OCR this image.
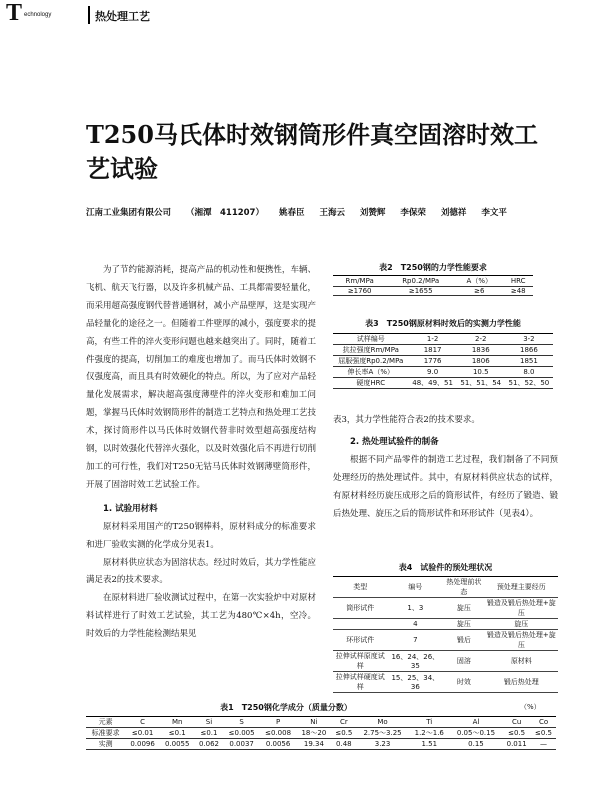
T echnology	热处理工艺
T250马氏体时效钢筒形件真空固溶时效工艺试验
江南工业集团有限公司 （湘潭　411207） 姚春臣 王海云 刘赞辉 李保荣 刘德祥 李文平

为了节约能源消耗，提高产品的机动性和便携性，车辆、飞机、航天飞行器，以及许多机械产品、工具都需要轻量化，而采用超高强度钢代替普通钢材，减小产品壁厚，这是实现产品轻量化的途径之一。但随着工件壁厚的减小，强度要求的提高，有些工件的淬火变形问题也越来越突出了。同时，随着工件强度的提高，切削加工的难度也增加了。而马氏体时效钢不仅强度高，而且具有时效硬化的特点。所以，为了应对产品轻量化发展需求，解决超高强度薄壁件的淬火变形和难加工问题，掌握马氏体时效钢筒形件的制造工艺特点和热处理工艺技术，探讨筒形件以马氏体时效钢代替非时效型超高强度结构钢，以时效强化代替淬火强化，以及时效强化后不再进行切削加工的可行性，我们对T250无钴马氏体时效钢薄壁筒形件，开展了固溶时效工艺试验工作。

1. 试验用材料

原材料采用国产的T250钢棒料，原材料成分的标准要求和进厂验收实测的化学成分见表1。

原材料供应状态为固溶状态。经过时效后，其力学性能应满足表2的技术要求。

在原材料进厂验收测试过程中，在第一次实验炉中对原材料试样进行了时效工艺试验，其工艺为480℃×4h，空冷。时效后的力学性能检测结果见

表2　T250钢的力学性能要求
Rm/MPa	Rp0.2/MPa	A（%）	HRC
≥1760	≥1655	≥6	≥48
表3　T250钢原材料时效后的实测力学性能
试样编号	1-2	2-2	3-2
抗拉强度Rm/MPa	1817	1836	1866
屈服强度Rp0.2/MPa	1776	1806	1851
伸长率A（%）	9.0	10.5	8.0
硬度HRC	48、49、51	51、51、54	51、52、50

表3，其力学性能符合表2的技术要求。

2. 热处理试验件的制备

根据不同产品零件的制造工艺过程，我们制备了不同预处理经历的热处理试件。其中，有原材料供应状态的试样，有原材料经历旋压成形之后的筒形试件，有经历了锻造、锻后热处理、旋压之后的筒形试件和环形试件（见表4）。

表4　试验件的预处理状况
类型	编号	热处理前状态	预处理主要经历
筒形试件	1、3	旋压	锻造及锻后热处理+旋压
	4	旋压	旋压
环形试件	7	锻后	锻造及锻后热处理+旋压
拉伸试样原度试样	16、24、26、35	固溶	原材料
拉伸试样硬度试样	15、25、34、36	时效	锻后热处理
表1　T250钢化学成分（质量分数）	（%）
元素	C	Mn	Si	S	P	Ni	Cr	Mo	Ti	Al	Cu	Co
标准要求	≤0.01	≤0.1	≤0.1	≤0.005	≤0.008	18～20	≤0.5	2.75～3.25	1.2～1.6	0.05～0.15	≤0.5	≤0.5
实测	0.0096	0.0055	0.062	0.0037	0.0056	19.34	0.48	3.23	1.51	0.15	0.011	—
